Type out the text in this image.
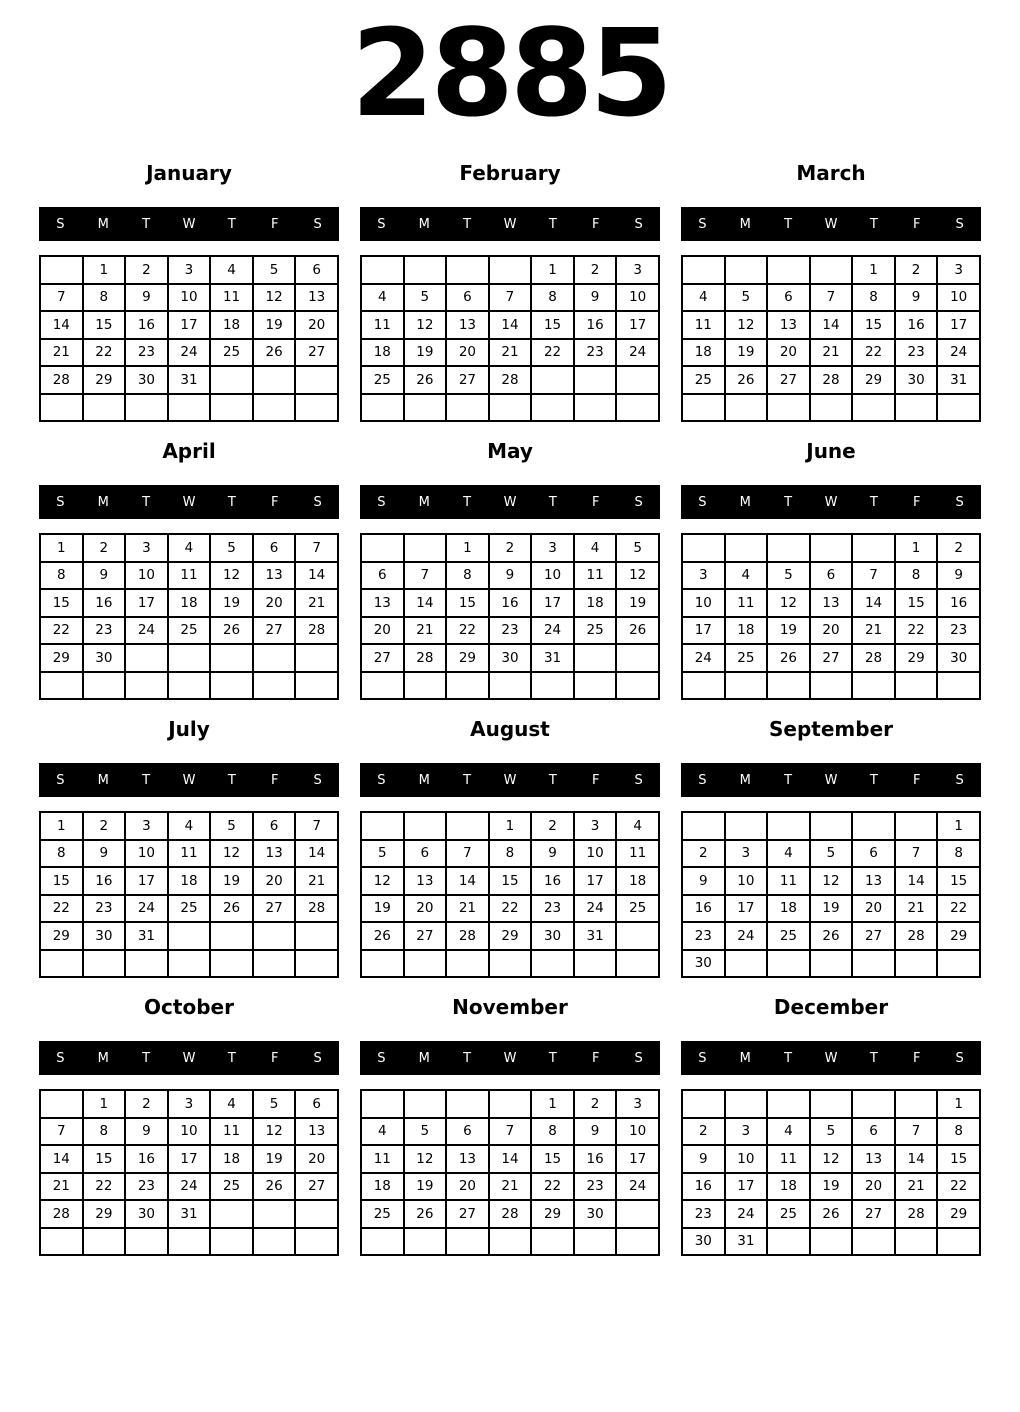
2885
January
S	M	T	W	T	F	S
	1	2	3	4	5	6
7	8	9	10	11	12	13
14	15	16	17	18	19	20
21	22	23	24	25	26	27
28	29	30	31			

February
S	M	T	W	T	F	S
				1	2	3
4	5	6	7	8	9	10
11	12	13	14	15	16	17
18	19	20	21	22	23	24
25	26	27	28			

March
S	M	T	W	T	F	S
				1	2	3
4	5	6	7	8	9	10
11	12	13	14	15	16	17
18	19	20	21	22	23	24
25	26	27	28	29	30	31

April
S	M	T	W	T	F	S
1	2	3	4	5	6	7
8	9	10	11	12	13	14
15	16	17	18	19	20	21
22	23	24	25	26	27	28
29	30					

May
S	M	T	W	T	F	S
		1	2	3	4	5
6	7	8	9	10	11	12
13	14	15	16	17	18	19
20	21	22	23	24	25	26
27	28	29	30	31		

June
S	M	T	W	T	F	S
					1	2
3	4	5	6	7	8	9
10	11	12	13	14	15	16
17	18	19	20	21	22	23
24	25	26	27	28	29	30

July
S	M	T	W	T	F	S
1	2	3	4	5	6	7
8	9	10	11	12	13	14
15	16	17	18	19	20	21
22	23	24	25	26	27	28
29	30	31				

August
S	M	T	W	T	F	S
			1	2	3	4
5	6	7	8	9	10	11
12	13	14	15	16	17	18
19	20	21	22	23	24	25
26	27	28	29	30	31	

September
S	M	T	W	T	F	S
						1
2	3	4	5	6	7	8
9	10	11	12	13	14	15
16	17	18	19	20	21	22
23	24	25	26	27	28	29
30						
October
S	M	T	W	T	F	S
	1	2	3	4	5	6
7	8	9	10	11	12	13
14	15	16	17	18	19	20
21	22	23	24	25	26	27
28	29	30	31			

November
S	M	T	W	T	F	S
				1	2	3
4	5	6	7	8	9	10
11	12	13	14	15	16	17
18	19	20	21	22	23	24
25	26	27	28	29	30	

December
S	M	T	W	T	F	S
						1
2	3	4	5	6	7	8
9	10	11	12	13	14	15
16	17	18	19	20	21	22
23	24	25	26	27	28	29
30	31					
